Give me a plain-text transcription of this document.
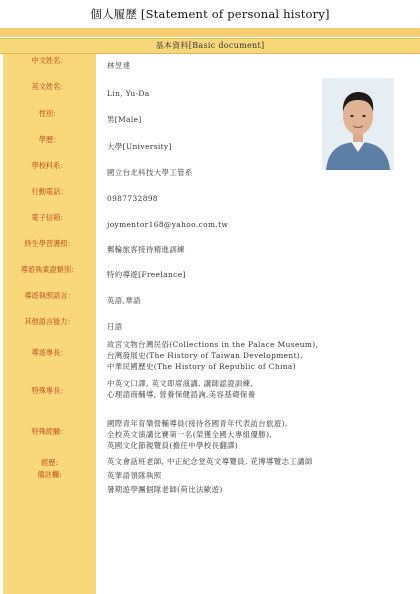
個人履歷 [Statement of personal history]
基本資料[Basic document]
中文姓名：
英文姓名：
性別：
學歷：
學校科系：
行動電話：
電子信箱：
終生學習護照：
導遊執業證類別：
導遊執照語言：
其他語言能力：
導遊專長：
特殊專長：
特殊經驗：
經歷:
備註欄:
林昱達
Lin, Yu-Da
男[Male]
大學[University]
國立台北科技大學工管系
0987732898
joymentor168@yahoo.com.tw
郵輪旅客接待精進訓練
特約導遊[Freelance]
英語,華語
日語
故宮文物台灣民俗(Collections in the Palace Museum),
台灣發展史(The History of Taiwan Development),
中華民國歷史(The History of Republic of China)
中英文口譯, 英文即席演講, 講師認證訓練,
心理諮商輔導, 營養保健諮詢,美容基礎保養
國際青年育樂營輔導員(接待各國青年代表訪台旅遊),
全校英文演講比賽第一名(榮獲全國大專組優勝),
英國文化節親覽員(擔任中學校長翻譯)
英文會話班老師, 中正紀念堂英文導覽員, 花博導覽志工講師
英華語領隊執照
暑期遊學團個隊老師(荷比法歐遊)
